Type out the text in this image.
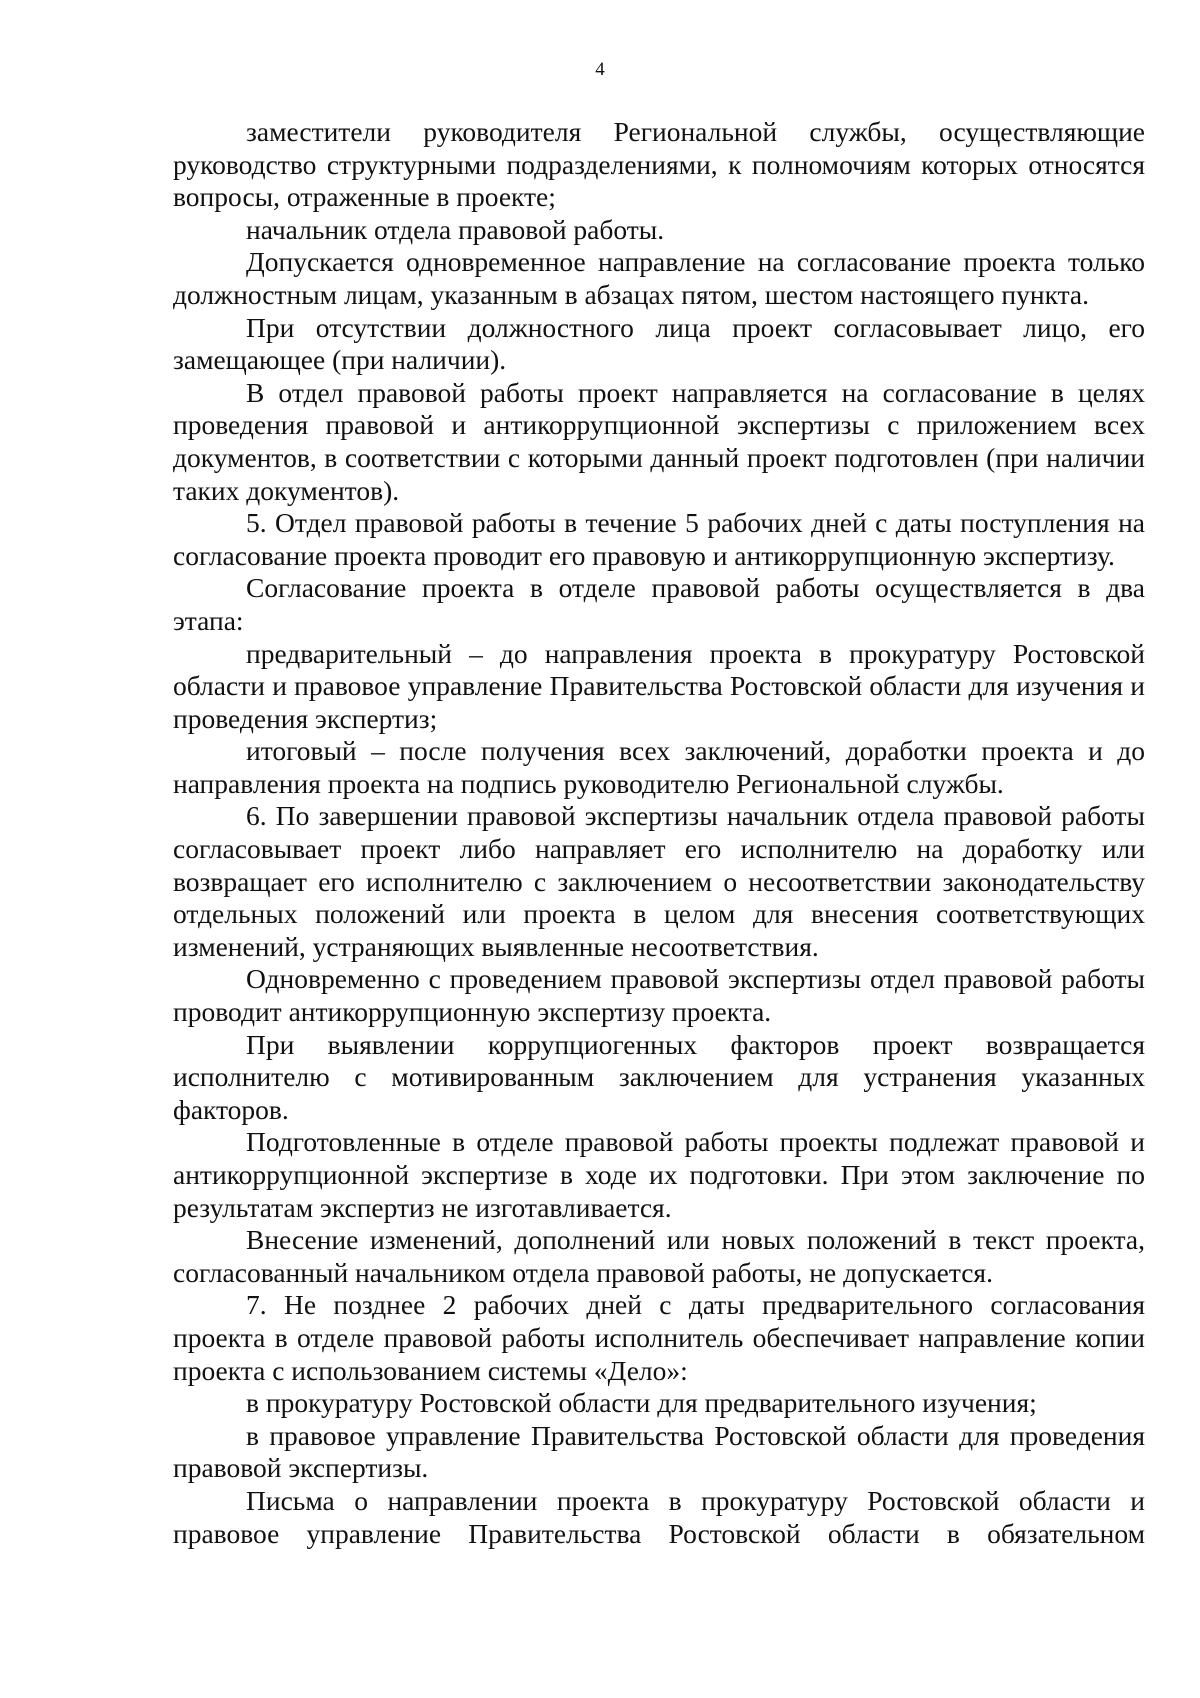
4

заместители руководителя Региональной службы, осуществляющие руководство структурными подразделениями, к полномочиям которых относятся вопросы, отраженные в проекте;

начальник отдела правовой работы.

Допускается одновременное направление на согласование проекта только должностным лицам, указанным в абзацах пятом, шестом настоящего пункта.

При отсутствии должностного лица проект согласовывает лицо, его замещающее (при наличии).

В отдел правовой работы проект направляется на согласование в целях проведения правовой и антикоррупционной экспертизы с приложением всех документов, в соответствии с которыми данный проект подготовлен (при наличии таких документов).

5. Отдел правовой работы в течение 5 рабочих дней с даты поступления на согласование проекта проводит его правовую и антикоррупционную экспертизу.

Согласование проекта в отделе правовой работы осуществляется в два этапа:

предварительный – до направления проекта в прокуратуру Ростовской области и правовое управление Правительства Ростовской области для изучения и проведения экспертиз;

итоговый – после получения всех заключений, доработки проекта и до направления проекта на подпись руководителю Региональной службы.

6. По завершении правовой экспертизы начальник отдела правовой работы согласовывает проект либо направляет его исполнителю на доработку или возвращает его исполнителю с заключением о несоответствии законодательству отдельных положений или проекта в целом для внесения соответствующих изменений, устраняющих выявленные несоответствия.

Одновременно с проведением правовой экспертизы отдел правовой работы проводит антикоррупционную экспертизу проекта.

При выявлении коррупциогенных факторов проект возвращается исполнителю с мотивированным заключением для устранения указанных факторов.

Подготовленные в отделе правовой работы проекты подлежат правовой и антикоррупционной экспертизе в ходе их подготовки. При этом заключение по результатам экспертиз не изготавливается.

Внесение изменений, дополнений или новых положений в текст проекта, согласованный начальником отдела правовой работы, не допускается.

7. Не позднее 2 рабочих дней с даты предварительного согласования проекта в отделе правовой работы исполнитель обеспечивает направление копии проекта с использованием системы «Дело»:

в прокуратуру Ростовской области для предварительного изучения;

в правовое управление Правительства Ростовской области для проведения правовой экспертизы.

Письма о направлении проекта в прокуратуру Ростовской области и правовое управление Правительства Ростовской области в обязательном
